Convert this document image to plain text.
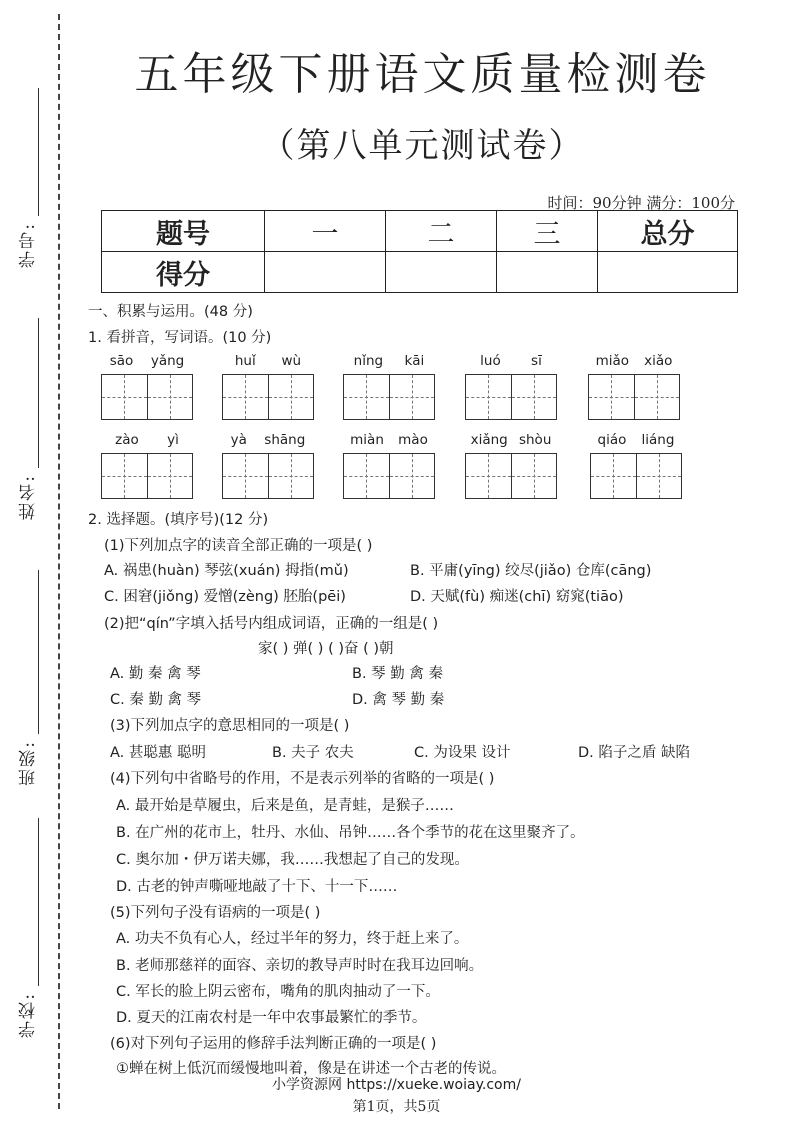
学号:
姓名:
班级:
学校:
五年级下册语文质量检测卷
（第八单元测试卷）
时间：90分钟 满分：100分
题号	一	二	三	总分
得分				
一、积累与运用。(48 分)
1. 看拼音，写词语。(10 分)
sāo yǎng	huǐ wù	nǐng kāi	luó sī	miǎo xiǎo
zào yì	yà shāng	miàn mào	xiǎng shòu	qiáo liáng
2. 选择题。(填序号)(12 分)
(1)下列加点字的读音全部正确的一项是( )
A. 祸患(huàn) 琴弦(xuán) 拇指(mǔ)	B. 平庸(yīng) 绞尽(jiǎo) 仓库(cāng)
C. 困窘(jiǒng) 爱憎(zèng) 胚胎(pēi)	D. 天赋(fù) 痴迷(chī) 窈窕(tiāo)
(2)把“qín”字填入括号内组成词语，正确的一组是( )
家( ) 弹( ) ( )奋 ( )朝
A. 勤 秦 禽 琴	B. 琴 勤 禽 秦
C. 秦 勤 禽 琴	D. 禽 琴 勤 秦
(3)下列加点字的意思相同的一项是( )
A. 甚聪惠 聪明	B. 夫子 农夫	C. 为设果 设计	D. 陷子之盾 缺陷
(4)下列句中省略号的作用，不是表示列举的省略的一项是( )
A. 最开始是草履虫，后来是鱼，是青蛙，是猴子……
B. 在广州的花市上，牡丹、水仙、吊钟……各个季节的花在这里聚齐了。
C. 奥尔加・伊万诺夫娜，我……我想起了自己的发现。
D. 古老的钟声嘶哑地敲了十下、十一下……
(5)下列句子没有语病的一项是( )
A. 功夫不负有心人，经过半年的努力，终于赶上来了。
B. 老师那慈祥的面容、亲切的教导声时时在我耳边回响。
C. 军长的脸上阴云密布，嘴角的肌肉抽动了一下。
D. 夏天的江南农村是一年中农事最繁忙的季节。
(6)对下列句子运用的修辞手法判断正确的一项是( )
①蝉在树上低沉而缓慢地叫着，像是在讲述一个古老的传说。
小学资源网 https://xueke.woiay.com/
第1页，共5页
